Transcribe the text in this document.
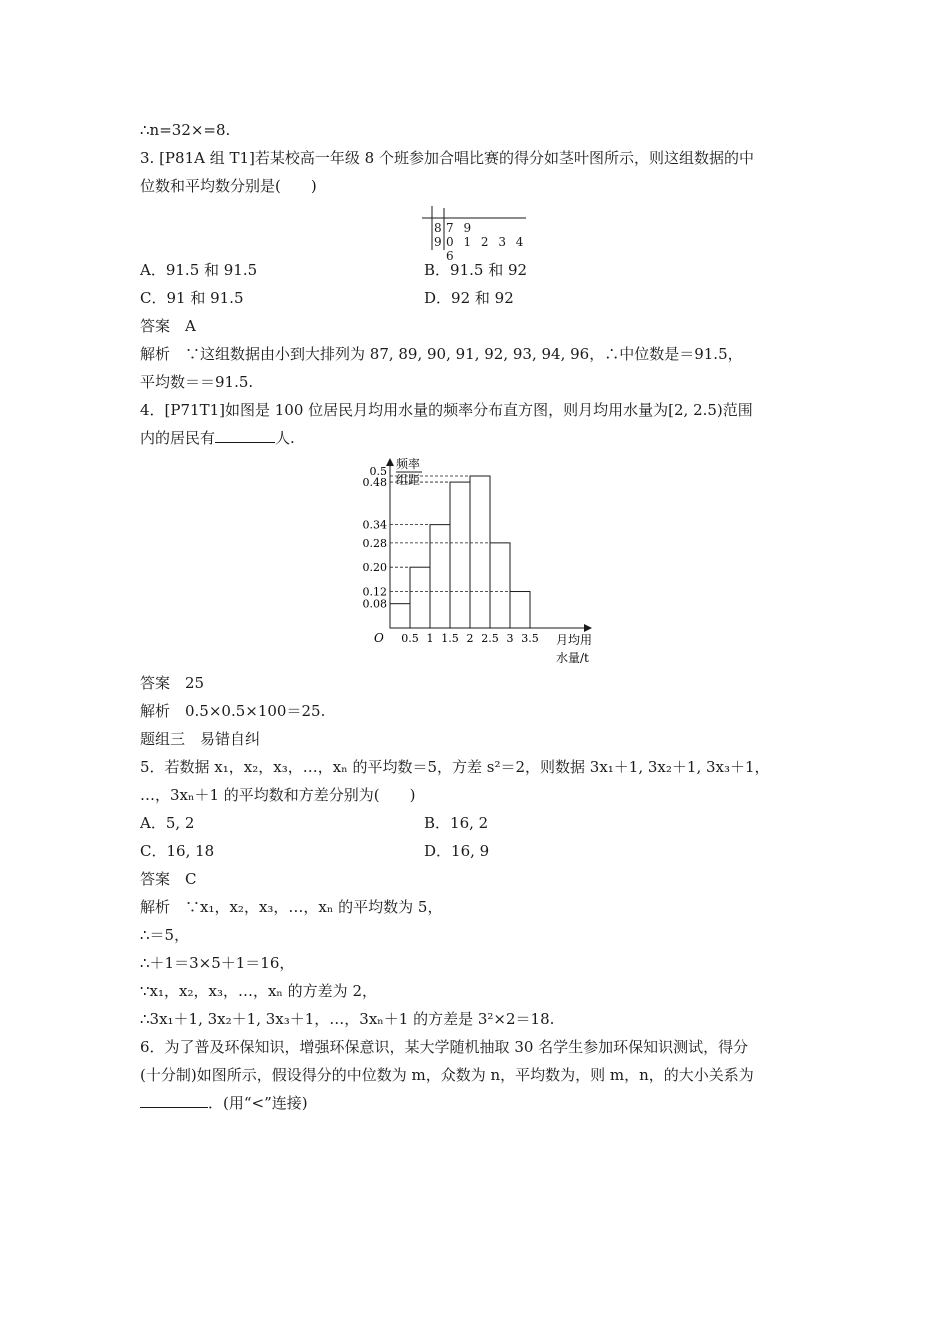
∴n=32×=8.
3. [P81A 组 T1]若某校高一年级 8 个班参加合唱比赛的得分如茎叶图所示，则这组数据的中
位数和平均数分别是(　　)
8 7 9
9 0 1 2 3 4 6
A．91.5 和 91.5	B．91.5 和 92
C．91 和 91.5	D．92 和 92
答案　A
解析　∵这组数据由小到大排列为 87, 89, 90, 91, 92, 93, 94, 96，∴中位数是＝91.5，
平均数＝＝91.5.
4．[P71T1]如图是 100 位居民月均用水量的频率分布直方图，则月均用水量为[2, 2.5)范围
内的居民有	人.
频率
组距
O	月均用
水量/t
0.08
0.12
0.20
0.28
0.34
0.48
0.5
0.5 1 1.5 2 2.5 3 3.5
答案　25
解析　0.5×0.5×100＝25.
题组三　易错自纠
5．若数据 x₁，x₂，x₃，…，xₙ 的平均数＝5，方差 s²＝2，则数据 3x₁＋1, 3x₂＋1, 3x₃＋1，
…，3xₙ＋1 的平均数和方差分别为(　　)
A．5, 2	B．16, 2
C．16, 18	D．16, 9
答案　C
解析　∵x₁，x₂，x₃，…，xₙ 的平均数为 5，
∴＝5，
∴＋1＝3×5＋1＝16，
∵x₁，x₂，x₃，…，xₙ 的方差为 2，
∴3x₁＋1, 3x₂＋1, 3x₃＋1，…，3xₙ＋1 的方差是 3²×2＝18.
6．为了普及环保知识，增强环保意识，某大学随机抽取 30 名学生参加环保知识测试，得分
(十分制)如图所示，假设得分的中位数为 m，众数为 n，平均数为，则 m，n，的大小关系为
．(用“<”连接)
